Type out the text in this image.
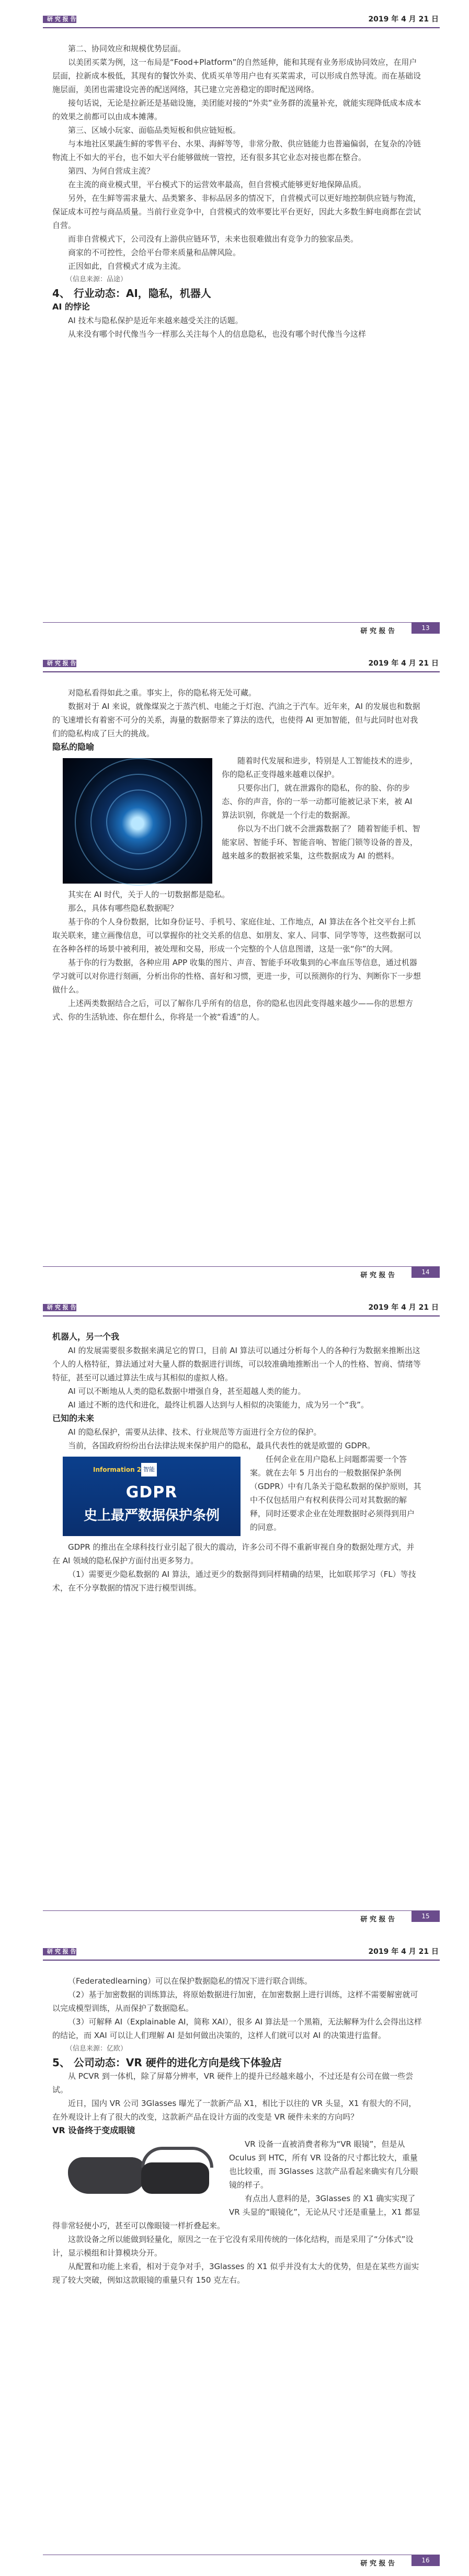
研 究 报 告	2019 年 4 月 21 日

第二、协同效应和规模优势层面。

以美团买菜为例，这一布局是“Food+Platform”的自然延伸，能和其现有业务形成协同效应，在用户层面，拉新成本极低，其现有的餐饮外卖、优质买单等用户也有买菜需求，可以形成自然导流。而在基础设施层面，美团也需建设完善的配送网络，其已建立完善稳定的即时配送网络。

接句话说，无论是拉新还是基础设施，美团能对接的“外卖”业务群的流量补充，就能实现降低成本成本的效果之前都可以由成本摊薄。

第三、区域小玩家、面临品类短板和供应链短板。

与本地社区果蔬生鲜的零售平台、水果、海鲜等等，非常分散、供应链能力也普遍偏弱，在复杂的冷链物流上不如大的平台，也不如大平台能够做统一管控，还有很多其它业态对接也都在整合。

第四、为何自营成主流？

在主流的商业模式里，平台模式下的运营效率最高，但自营模式能够更好地保障品质。

另外，在生鲜等需求量大、品类繁多、非标品居多的情况下，自营模式可以更好地控制供应链与物流，保证成本可控与商品质量。当前行业竞争中，自营模式的效率要比平台更好，因此大多数生鲜电商都在尝试自营。

而非自营模式下，公司没有上游供应链环节，未来也很难做出有竞争力的独家品类。

商家的不可控性，会给平台带来质量和品牌风险。

正因如此，自营模式才成为主流。

（信息来源：品途）

4、 行业动态：AI，隐私，机器人

AI 的悖论

AI 技术与隐私保护是近年来越来越受关注的话题。

从来没有哪个时代像当今一样那么关注每个人的信息隐私，也没有哪个时代像当今这样

研 究 报 告	13
研 究 报 告	2019 年 4 月 21 日

对隐私看得如此之重。事实上，你的隐私将无处可藏。

数据对于 AI 来说，就像煤炭之于蒸汽机、电能之于灯泡、汽油之于汽车。近年来，AI 的发展也和数据的飞速增长有着密不可分的关系，海量的数据带来了算法的迭代，也使得 AI 更加智能，但与此同时也对我们的隐私构成了巨大的挑战。

隐私的隐喻

随着时代发展和进步，特别是人工智能技术的进步，你的隐私正变得越来越难以保护。

只要你出门，就在泄露你的隐私，你的脸、你的步态、你的声音，你的一举一动都可能被记录下来，被 AI 算法识别，你就是一个行走的数据源。

你以为不出门就不会泄露数据了？ 随着智能手机、智能家居、智能手环、智能音响、智能门锁等设备的普及，越来越多的数据被采集，这些数据成为 AI 的燃料。

其实在 AI 时代，关于人的一切数据都是隐私。

那么，具体有哪些隐私数据呢？

基于你的个人身份数据，比如身份证号、手机号、家庭住址、工作地点，AI 算法在各个社交平台上抓取关联来，建立画像信息，可以掌握你的社交关系的信息、如朋友、家人、同事、同学等等，这些数据可以在各种各样的场景中被利用，被处理和交易，形成一个完整的个人信息图谱，这是一张“你”的大网。

基于你的行为数据，各种应用 APP 收集的图片、声音、智能手环收集到的心率血压等信息，通过机器学习就可以对你进行刻画，分析出你的性格、喜好和习惯，更进一步，可以预测你的行为、判断你下一步想做什么。

上述两类数据结合之后，可以了解你几乎所有的信息，你的隐私也因此变得越来越少——你的思想方式、你的生活轨迹、你在想什么，你将是一个被“看透”的人。

研 究 报 告	14
研 究 报 告	2019 年 4 月 21 日

机器人，另一个我

AI 的发展需要很多数据来满足它的胃口，目前 AI 算法可以通过分析每个人的各种行为数据来推断出这个人的人格特征，算法通过对大量人群的数据进行训练，可以较准确地推断出一个人的性格、智商、情绪等特征，甚至可以通过算法生成与其相似的虚拟人格。

AI 可以不断地从人类的隐私数据中增强自身，甚至超越人类的能力。

AI 通过不断的迭代和进化，最终让机器人达到与人相似的决策能力，成为另一个“我”。

已知的未来

AI 的隐私保护，需要从法律、技术、行业规范等方面进行全方位的保护。

当前，各国政府纷纷出台法律法规来保护用户的隐私，最具代表性的就是欧盟的 GDPR。

Information 2 智能
GDPR
史上最严数据保护条例

任何企业在用户隐私上问题都需要一个答案。就在去年 5 月出台的一般数据保护条例（GDPR）中有几条关于隐私数据的保护原则，其中不仅包括用户有权利获得公司对其数据的解释，同时还要求企业在处理数据时必须得到用户的同意。

GDPR 的推出在全球科技行业引起了很大的震动，许多公司不得不重新审视自身的数据处理方式，并在 AI 领域的隐私保护方面付出更多努力。

（1）需要更少隐私数据的 AI 算法，通过更少的数据得到同样精确的结果，比如联邦学习（FL）等技术，在不分享数据的情况下进行模型训练。

研 究 报 告	15
研 究 报 告	2019 年 4 月 21 日

（Federatedlearning）可以在保护数据隐私的情况下进行联合训练。

（2）基于加密数据的训练算法，将原始数据进行加密，在加密数据上进行训练，这样不需要解密就可以完成模型训练，从而保护了数据隐私。

（3）可解释 AI（Explainable AI，简称 XAI），很多 AI 算法是一个黑箱，无法解释为什么会得出这样的结论，而 XAI 可以让人们理解 AI 是如何做出决策的，这样人们就可以对 AI 的决策进行监督。

（信息来源：亿欧）

5、 公司动态：VR 硬件的进化方向是线下体验店

从 PCVR 到一体机，除了屏幕分辨率，VR 硬件上的提升已经越来越小，不过还是有公司在做一些尝试。

近日，国内 VR 公司 3Glasses 曝光了一款新产品 X1，相比于以往的 VR 头显，X1 有很大的不同，在外观设计上有了很大的改变，这款新产品在设计方面的改变是 VR 硬件未来的方向吗？

VR 设备终于变成眼镜

VR 设备一直被消费者称为“VR 眼镜”，但是从 Oculus 到 HTC，所有 VR 设备的尺寸都比较大，重量也比较重，而 3Glasses 这款产品看起来确实有几分眼镜的样子。

有点出人意料的是，3Glasses 的 X1 确实实现了 VR 头显的“眼镜化”，无论从尺寸还是重量上，X1 都显得非常轻便小巧，甚至可以像眼镜一样折叠起来。

这款设备之所以能做到轻量化，原因之一在于它没有采用传统的一体化结构，而是采用了“分体式”设计，显示模组和计算模块分开。

从配置和功能上来看，相对于竞争对手，3Glasses 的 X1 似乎并没有太大的优势，但是在某些方面实现了较大突破，例如这款眼镜的重量只有 150 克左右。

研 究 报 告	16
